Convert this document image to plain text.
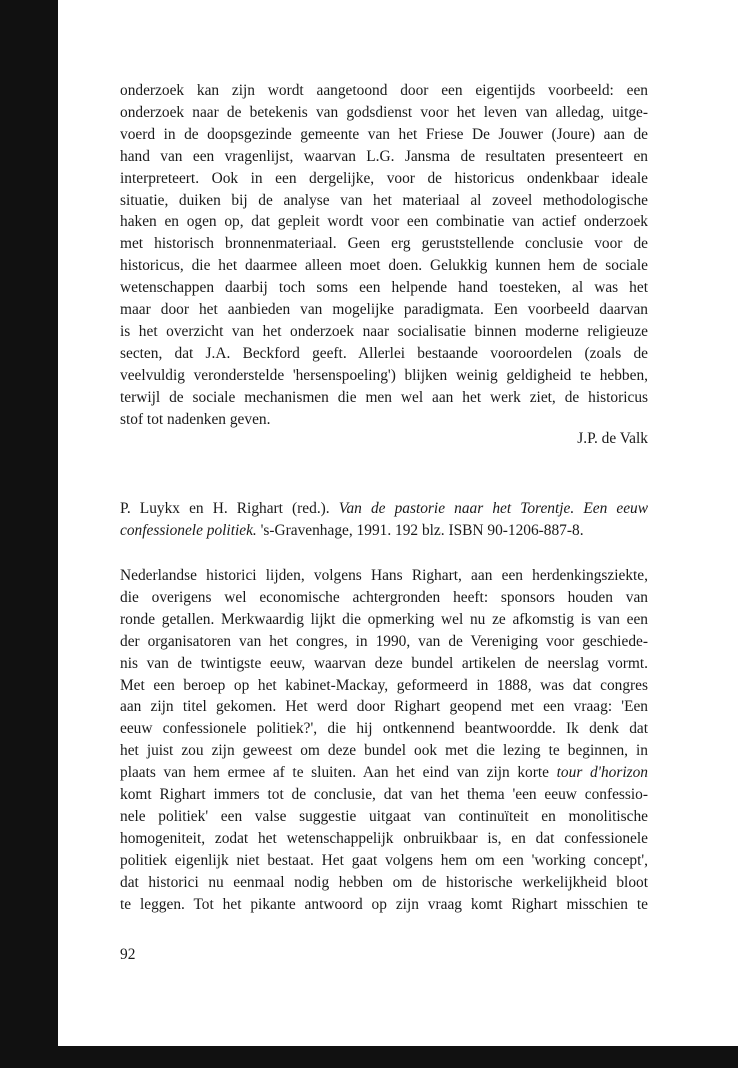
onderzoek kan zijn wordt aangetoond door een eigentijds voorbeeld: een
onderzoek naar de betekenis van godsdienst voor het leven van alledag, uitge-
voerd in de doopsgezinde gemeente van het Friese De Jouwer (Joure) aan de
hand van een vragenlijst, waarvan L.G. Jansma de resultaten presenteert en
interpreteert. Ook in een dergelijke, voor de historicus ondenkbaar ideale
situatie, duiken bij de analyse van het materiaal al zoveel methodologische
haken en ogen op, dat gepleit wordt voor een combinatie van actief onderzoek
met historisch bronnenmateriaal. Geen erg geruststellende conclusie voor de
historicus, die het daarmee alleen moet doen. Gelukkig kunnen hem de sociale
wetenschappen daarbij toch soms een helpende hand toesteken, al was het
maar door het aanbieden van mogelijke paradigmata. Een voorbeeld daarvan
is het overzicht van het onderzoek naar socialisatie binnen moderne religieuze
secten, dat J.A. Beckford geeft. Allerlei bestaande vooroordelen (zoals de
veelvuldig veronderstelde 'hersenspoeling') blijken weinig geldigheid te hebben,
terwijl de sociale mechanismen die men wel aan het werk ziet, de historicus
stof tot nadenken geven.
J.P. de Valk
P. Luykx en H. Righart (red.). Van de pastorie naar het Torentje. Een eeuw
confessionele politiek. 's-Gravenhage, 1991. 192 blz. ISBN 90-1206-887-8.
Nederlandse historici lijden, volgens Hans Righart, aan een herdenkingsziekte,
die overigens wel economische achtergronden heeft: sponsors houden van
ronde getallen. Merkwaardig lijkt die opmerking wel nu ze afkomstig is van een
der organisatoren van het congres, in 1990, van de Vereniging voor geschiede-
nis van de twintigste eeuw, waarvan deze bundel artikelen de neerslag vormt.
Met een beroep op het kabinet-Mackay, geformeerd in 1888, was dat congres
aan zijn titel gekomen. Het werd door Righart geopend met een vraag: 'Een
eeuw confessionele politiek?', die hij ontkennend beantwoordde. Ik denk dat
het juist zou zijn geweest om deze bundel ook met die lezing te beginnen, in
plaats van hem ermee af te sluiten. Aan het eind van zijn korte tour d'horizon
komt Righart immers tot de conclusie, dat van het thema 'een eeuw confessio-
nele politiek' een valse suggestie uitgaat van continuïteit en monolitische
homogeniteit, zodat het wetenschappelijk onbruikbaar is, en dat confessionele
politiek eigenlijk niet bestaat. Het gaat volgens hem om een 'working concept',
dat historici nu eenmaal nodig hebben om de historische werkelijkheid bloot
te leggen. Tot het pikante antwoord op zijn vraag komt Righart misschien te
92
